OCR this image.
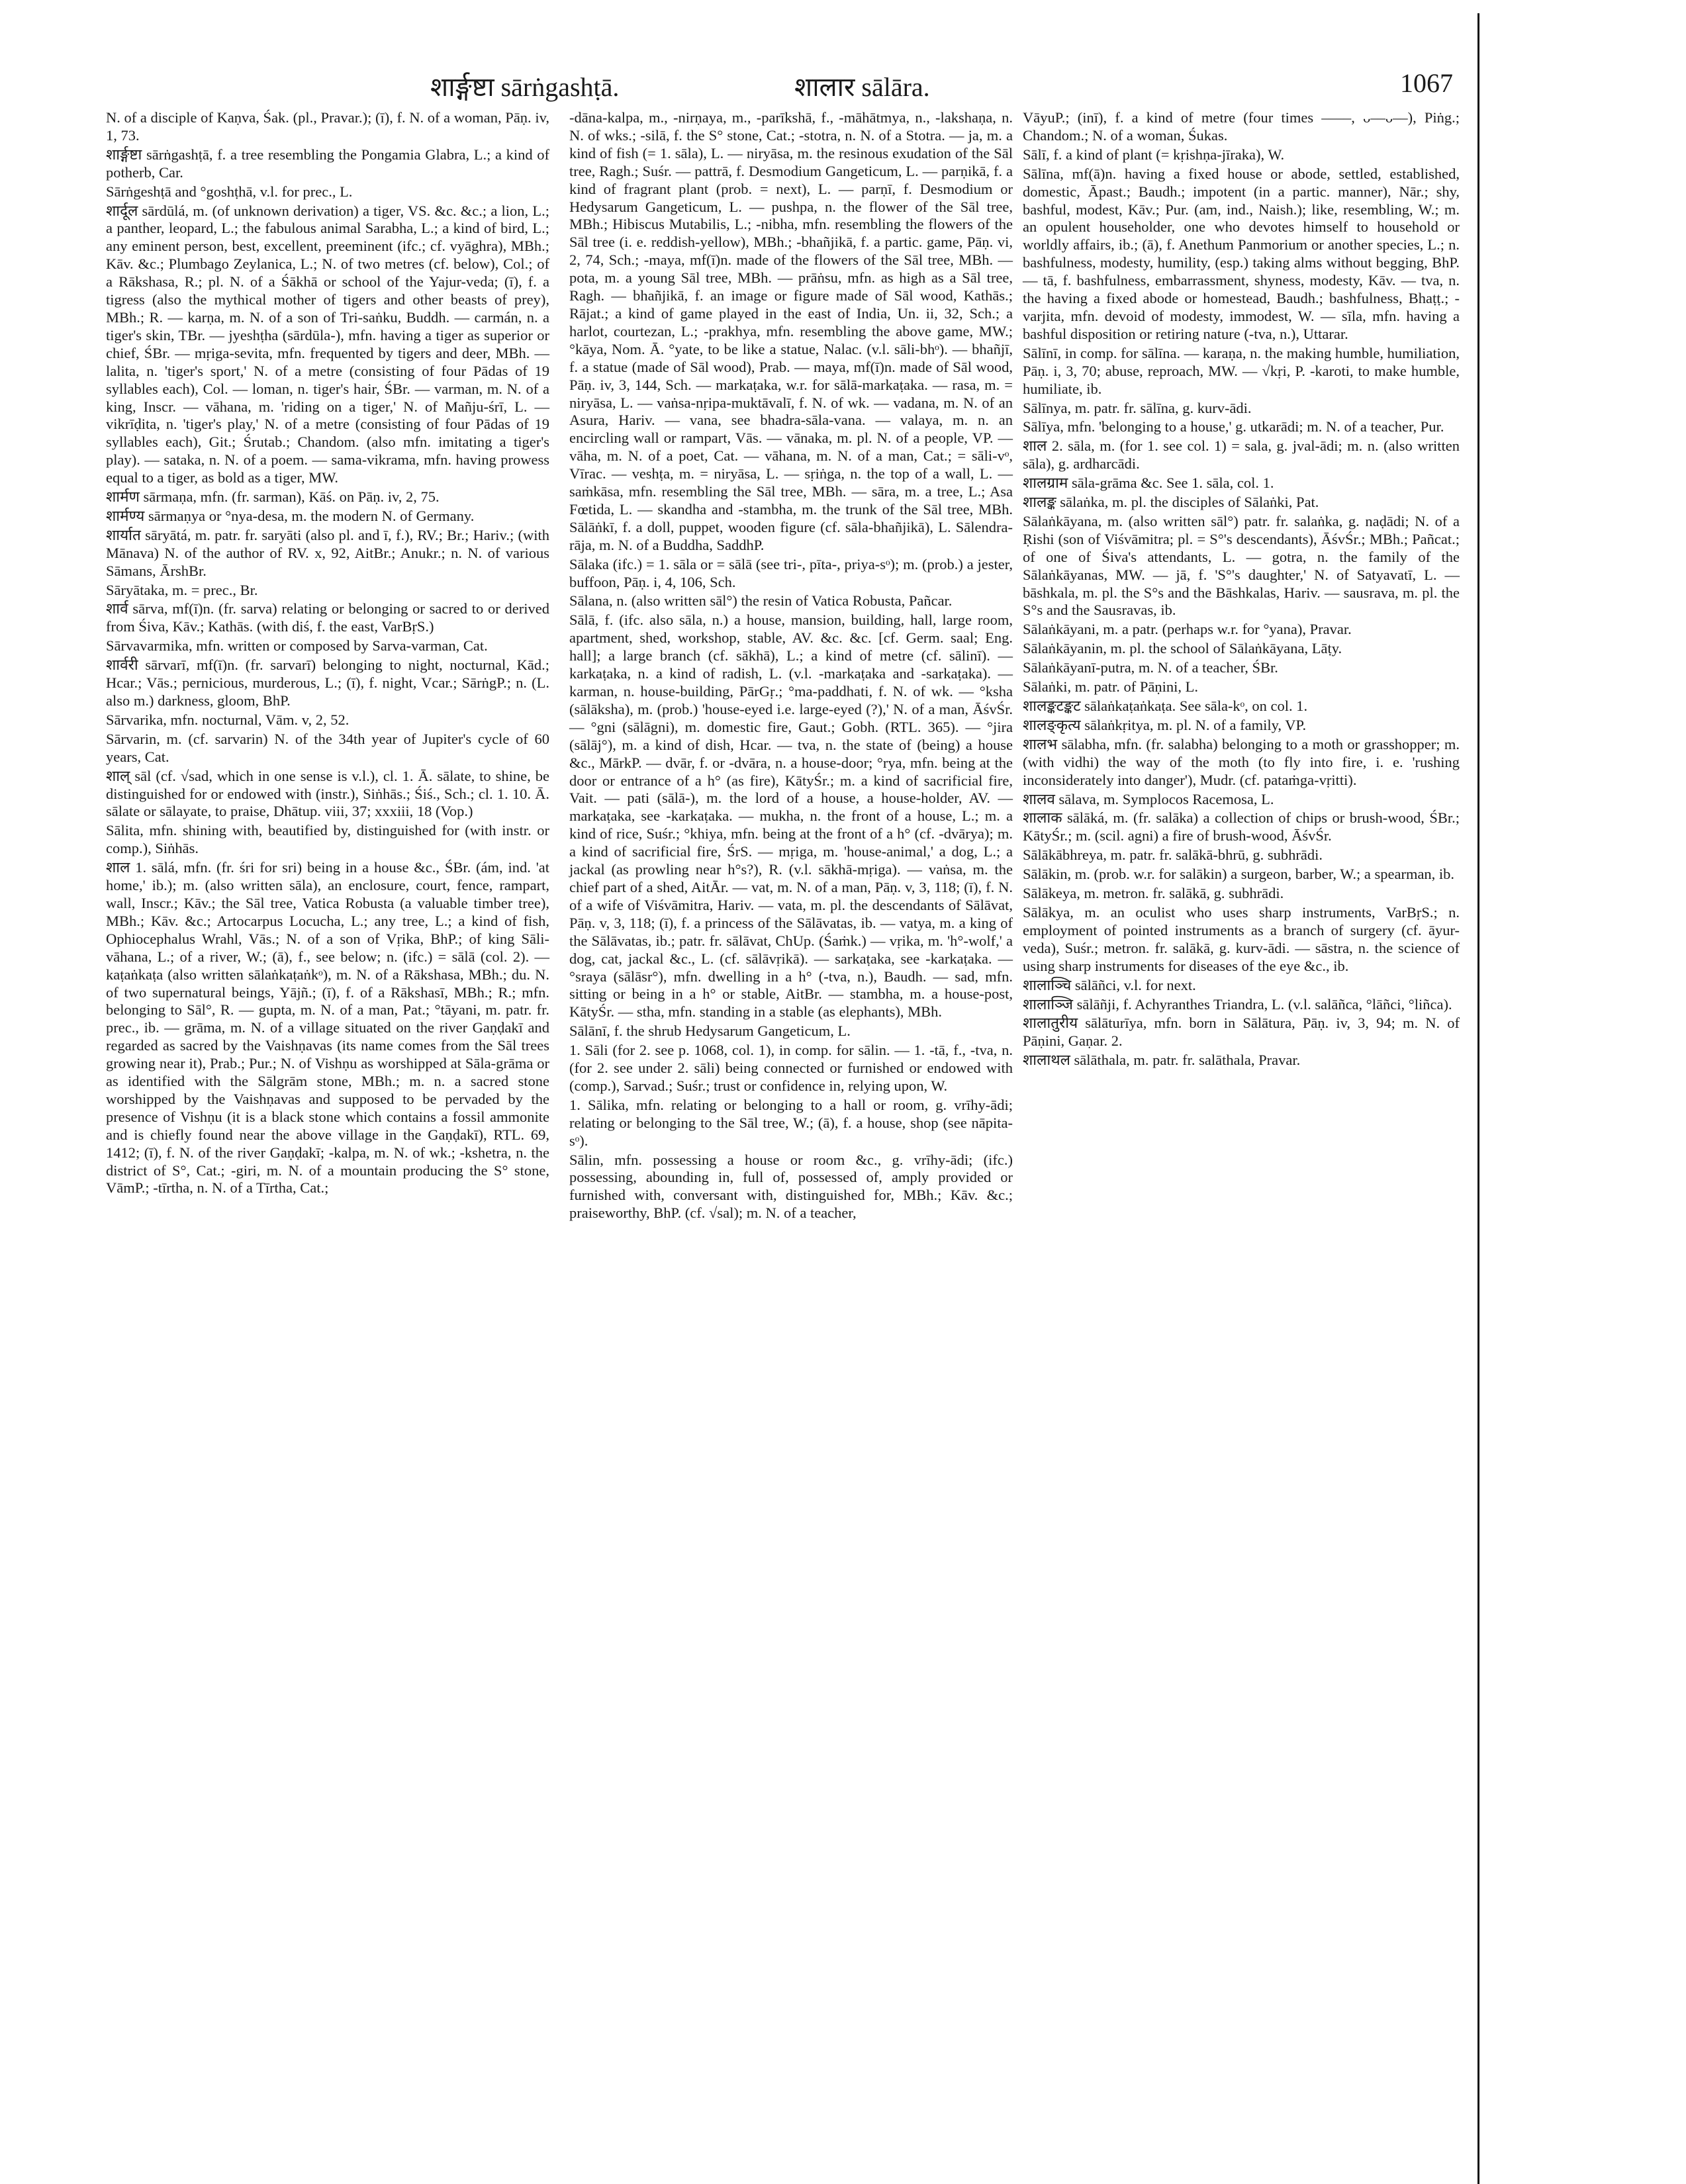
शार्ङ्गष्टा sārṅgashṭā.	शालार sālāra.	1067

N. of a disciple of Kaṇva, Śak. (pl., Pravar.); (ī), f. N. of a woman, Pāṇ. iv, 1, 73.

शार्ङ्गष्टा sārṅgashṭā, f. a tree resembling the Pongamia Glabra, L.; a kind of potherb, Car.

Sārṅgeshṭā and °goshṭhā, v.l. for prec., L.

शार्दूल sārdūlá, m. (of unknown derivation) a tiger, VS. &c. &c.; a lion, L.; a panther, leopard, L.; the fabulous animal Sarabha, L.; a kind of bird, L.; any eminent person, best, excellent, preeminent (ifc.; cf. vyāghra), MBh.; Kāv. &c.; Plumbago Zeylanica, L.; N. of two metres (cf. below), Col.; of a Rākshasa, R.; pl. N. of a Śākhā or school of the Yajur-veda; (ī), f. a tigress (also the mythical mother of tigers and other beasts of prey), MBh.; R. — karṇa, m. N. of a son of Tri-saṅku, Buddh. — carmán, n. a tiger's skin, TBr. — jyeshṭha (sārdūla-), mfn. having a tiger as superior or chief, ŚBr. — mṛiga-sevita, mfn. frequented by tigers and deer, MBh. — lalita, n. 'tiger's sport,' N. of a metre (consisting of four Pādas of 19 syllables each), Col. — loman, n. tiger's hair, ŚBr. — varman, m. N. of a king, Inscr. — vāhana, m. 'riding on a tiger,' N. of Mañju-śrī, L. — vikrīḍita, n. 'tiger's play,' N. of a metre (consisting of four Pādas of 19 syllables each), Git.; Śrutab.; Chandom. (also mfn. imitating a tiger's play). — sataka, n. N. of a poem. — sama-vikrama, mfn. having prowess equal to a tiger, as bold as a tiger, MW.

शार्मण sārmaṇa, mfn. (fr. sarman), Kāś. on Pāṇ. iv, 2, 75.

शार्मण्य sārmaṇya or °nya-desa, m. the modern N. of Germany.

शार्यात sāryātá, m. patr. fr. saryāti (also pl. and ī, f.), RV.; Br.; Hariv.; (with Mānava) N. of the author of RV. x, 92, AitBr.; Anukr.; n. N. of various Sāmans, ĀrshBr.

Sāryātaka, m. = prec., Br.

शार्व sārva, mf(ī)n. (fr. sarva) relating or belonging or sacred to or derived from Śiva, Kāv.; Kathās. (with diś, f. the east, VarBṛS.)

Sārvavarmika, mfn. written or composed by Sarva-varman, Cat.

शार्वरी sārvarī, mf(ī)n. (fr. sarvarī) belonging to night, nocturnal, Kād.; Hcar.; Vās.; pernicious, murderous, L.; (ī), f. night, Vcar.; SārṅgP.; n. (L. also m.) darkness, gloom, BhP.

Sārvarika, mfn. nocturnal, Vām. v, 2, 52.

Sārvarin, m. (cf. sarvarin) N. of the 34th year of Jupiter's cycle of 60 years, Cat.

शाल् sāl (cf. √sad, which in one sense is v.l.), cl. 1. Ā. sālate, to shine, be distinguished for or endowed with (instr.), Siṅhās.; Śiś., Sch.; cl. 1. 10. Ā. sālate or sālayate, to praise, Dhātup. viii, 37; xxxiii, 18 (Vop.)

Sālita, mfn. shining with, beautified by, distinguished for (with instr. or comp.), Siṅhās.

शाल 1. sālá, mfn. (fr. śri for sri) being in a house &c., ŚBr. (ám, ind. 'at home,' ib.); m. (also written sāla), an enclosure, court, fence, rampart, wall, Inscr.; Kāv.; the Sāl tree, Vatica Robusta (a valuable timber tree), MBh.; Kāv. &c.; Artocarpus Locucha, L.; any tree, L.; a kind of fish, Ophiocephalus Wrahl, Vās.; N. of a son of Vṛika, BhP.; of king Sāli-vāhana, L.; of a river, W.; (ā), f., see below; n. (ifc.) = sālā (col. 2). — kaṭaṅkaṭa (also written sālaṅkaṭaṅkᵒ), m. N. of a Rākshasa, MBh.; du. N. of two supernatural beings, Yājñ.; (ī), f. of a Rākshasī, MBh.; R.; mfn. belonging to Sāl°, R. — gupta, m. N. of a man, Pat.; °tāyani, m. patr. fr. prec., ib. — grāma, m. N. of a village situated on the river Gaṇḍakī and regarded as sacred by the Vaishṇavas (its name comes from the Sāl trees growing near it), Prab.; Pur.; N. of Vishṇu as worshipped at Sāla-grāma or as identified with the Sālgrām stone, MBh.; m. n. a sacred stone worshipped by the Vaishṇavas and supposed to be pervaded by the presence of Vishṇu (it is a black stone which contains a fossil ammonite and is chiefly found near the above village in the Gaṇḍakī), RTL. 69, 1412; (ī), f. N. of the river Gaṇḍakī; -kalpa, m. N. of wk.; -kshetra, n. the district of S°, Cat.; -giri, m. N. of a mountain producing the S° stone, VāmP.; -tīrtha, n. N. of a Tīrtha, Cat.;

-dāna-kalpa, m., -nirṇaya, m., -parīkshā, f., -māhātmya, n., -lakshaṇa, n. N. of wks.; -silā, f. the S° stone, Cat.; -stotra, n. N. of a Stotra. — ja, m. a kind of fish (= 1. sāla), L. — niryāsa, m. the resinous exudation of the Sāl tree, Ragh.; Suśr. — pattrā, f. Desmodium Gangeticum, L. — parṇikā, f. a kind of fragrant plant (prob. = next), L. — parṇī, f. Desmodium or Hedysarum Gangeticum, L. — pushpa, n. the flower of the Sāl tree, MBh.; Hibiscus Mutabilis, L.; -nibha, mfn. resembling the flowers of the Sāl tree (i. e. reddish-yellow), MBh.; -bhañjikā, f. a partic. game, Pāṇ. vi, 2, 74, Sch.; -maya, mf(ī)n. made of the flowers of the Sāl tree, MBh. — pota, m. a young Sāl tree, MBh. — prāṅsu, mfn. as high as a Sāl tree, Ragh. — bhañjikā, f. an image or figure made of Sāl wood, Kathās.; Rājat.; a kind of game played in the east of India, Un. ii, 32, Sch.; a harlot, courtezan, L.; -prakhya, mfn. resembling the above game, MW.; °kāya, Nom. Ā. °yate, to be like a statue, Nalac. (v.l. sāli-bhᵒ). — bhañjī, f. a statue (made of Sāl wood), Prab. — maya, mf(ī)n. made of Sāl wood, Pāṇ. iv, 3, 144, Sch. — markaṭaka, w.r. for sālā-markaṭaka. — rasa, m. = niryāsa, L. — vaṅsa-nṛipa-muktāvalī, f. N. of wk. — vadana, m. N. of an Asura, Hariv. — vana, see bhadra-sāla-vana. — valaya, m. n. an encircling wall or rampart, Vās. — vānaka, m. pl. N. of a people, VP. — vāha, m. N. of a poet, Cat. — vāhana, m. N. of a man, Cat.; = sāli-vᵒ, Vīrac. — veshṭa, m. = niryāsa, L. — sṛiṅga, n. the top of a wall, L. — saṁkāsa, mfn. resembling the Sāl tree, MBh. — sāra, m. a tree, L.; Asa Fœtida, L. — skandha and -stambha, m. the trunk of the Sāl tree, MBh. Sālāṅkī, f. a doll, puppet, wooden figure (cf. sāla-bhañjikā), L. Sālendra-rāja, m. N. of a Buddha, SaddhP.

Sālaka (ifc.) = 1. sāla or = sālā (see tri-, pīta-, priya-sᵒ); m. (prob.) a jester, buffoon, Pāṇ. i, 4, 106, Sch.

Sālana, n. (also written sāl°) the resin of Vatica Robusta, Pañcar.

Sālā, f. (ifc. also sāla, n.) a house, mansion, building, hall, large room, apartment, shed, workshop, stable, AV. &c. &c. [cf. Germ. saal; Eng. hall]; a large branch (cf. sākhā), L.; a kind of metre (cf. sālinī). — karkaṭaka, n. a kind of radish, L. (v.l. -markaṭaka and -sarkaṭaka). — karman, n. house-building, PārGṛ.; °ma-paddhati, f. N. of wk. — °ksha (sālāksha), m. (prob.) 'house-eyed i.e. large-eyed (?),' N. of a man, ĀśvŚr. — °gni (sālāgni), m. domestic fire, Gaut.; Gobh. (RTL. 365). — °jira (sālāj°), m. a kind of dish, Hcar. — tva, n. the state of (being) a house &c., MārkP. — dvār, f. or -dvāra, n. a house-door; °rya, mfn. being at the door or entrance of a h° (as fire), KātyŚr.; m. a kind of sacrificial fire, Vait. — pati (sālā-), m. the lord of a house, a house-holder, AV. — markaṭaka, see -karkaṭaka. — mukha, n. the front of a house, L.; m. a kind of rice, Suśr.; °khiya, mfn. being at the front of a h° (cf. -dvārya); m. a kind of sacrificial fire, ŚrS. — mṛiga, m. 'house-animal,' a dog, L.; a jackal (as prowling near h°s?), R. (v.l. sākhā-mṛiga). — vaṅsa, m. the chief part of a shed, AitĀr. — vat, m. N. of a man, Pāṇ. v, 3, 118; (ī), f. N. of a wife of Viśvāmitra, Hariv. — vata, m. pl. the descendants of Sālāvat, Pāṇ. v, 3, 118; (ī), f. a princess of the Sālāvatas, ib. — vatya, m. a king of the Sālāvatas, ib.; patr. fr. sālāvat, ChUp. (Śaṁk.) — vṛika, m. 'h°-wolf,' a dog, cat, jackal &c., L. (cf. sālāvṛikā). — sarkaṭaka, see -karkaṭaka. — °sraya (sālāsr°), mfn. dwelling in a h° (-tva, n.), Baudh. — sad, mfn. sitting or being in a h° or stable, AitBr. — stambha, m. a house-post, KātyŚr. — stha, mfn. standing in a stable (as elephants), MBh.

Sālānī, f. the shrub Hedysarum Gangeticum, L.

1. Sāli (for 2. see p. 1068, col. 1), in comp. for sālin. — 1. -tā, f., -tva, n. (for 2. see under 2. sāli) being connected or furnished or endowed with (comp.), Sarvad.; Suśr.; trust or confidence in, relying upon, W.

1. Sālika, mfn. relating or belonging to a hall or room, g. vrīhy-ādi; relating or belonging to the Sāl tree, W.; (ā), f. a house, shop (see nāpita-sᵒ).

Sālin, mfn. possessing a house or room &c., g. vrīhy-ādi; (ifc.) possessing, abounding in, full of, possessed of, amply provided or furnished with, conversant with, distinguished for, MBh.; Kāv. &c.; praiseworthy, BhP. (cf. √sal); m. N. of a teacher,

VāyuP.; (inī), f. a kind of metre (four times ––––, ᴗ––ᴗ––), Piṅg.; Chandom.; N. of a woman, Śukas.

Sālī, f. a kind of plant (= kṛishṇa-jīraka), W.

Sālīna, mf(ā)n. having a fixed house or abode, settled, established, domestic, Āpast.; Baudh.; impotent (in a partic. manner), Nār.; shy, bashful, modest, Kāv.; Pur. (am, ind., Naish.); like, resembling, W.; m. an opulent householder, one who devotes himself to household or worldly affairs, ib.; (ā), f. Anethum Panmorium or another species, L.; n. bashfulness, modesty, humility, (esp.) taking alms without begging, BhP. — tā, f. bashfulness, embarrassment, shyness, modesty, Kāv. — tva, n. the having a fixed abode or homestead, Baudh.; bashfulness, Bhaṭṭ.; -varjita, mfn. devoid of modesty, immodest, W. — sīla, mfn. having a bashful disposition or retiring nature (-tva, n.), Uttarar.

Sālīnī, in comp. for sālīna. — karaṇa, n. the making humble, humiliation, Pāṇ. i, 3, 70; abuse, reproach, MW. — √kṛi, P. -karoti, to make humble, humiliate, ib.

Sālīnya, m. patr. fr. sālīna, g. kurv-ādi.

Sālīya, mfn. 'belonging to a house,' g. utkarādi; m. N. of a teacher, Pur.

शाल 2. sāla, m. (for 1. see col. 1) = sala, g. jval-ādi; m. n. (also written sāla), g. ardharcādi.

शालग्राम sāla-grāma &c. See 1. sāla, col. 1.

शालङ्क sālaṅka, m. pl. the disciples of Sālaṅki, Pat.

Sālaṅkāyana, m. (also written sāl°) patr. fr. salaṅka, g. naḍādi; N. of a Ṛishi (son of Viśvāmitra; pl. = S°'s descendants), ĀśvŚr.; MBh.; Pañcat.; of one of Śiva's attendants, L. — gotra, n. the family of the Sālaṅkāyanas, MW. — jā, f. 'S°'s daughter,' N. of Satyavatī, L. — bāshkala, m. pl. the S°s and the Bāshkalas, Hariv. — sausrava, m. pl. the S°s and the Sausravas, ib.

Sālaṅkāyani, m. a patr. (perhaps w.r. for °yana), Pravar.

Sālaṅkāyanin, m. pl. the school of Sālaṅkāyana, Lāṭy.

Sālaṅkāyanī-putra, m. N. of a teacher, ŚBr.

Sālaṅki, m. patr. of Pāṇini, L.

शालङ्कटङ्कट sālaṅkaṭaṅkaṭa. See sāla-kᵒ, on col. 1.

शालङ्कृत्य sālaṅkṛitya, m. pl. N. of a family, VP.

शालभ sālabha, mfn. (fr. salabha) belonging to a moth or grasshopper; m. (with vidhi) the way of the moth (to fly into fire, i. e. 'rushing inconsiderately into danger'), Mudr. (cf. pataṁga-vṛitti).

शालव sālava, m. Symplocos Racemosa, L.

शालाक sālāká, m. (fr. salāka) a collection of chips or brush-wood, ŚBr.; KātyŚr.; m. (scil. agni) a fire of brush-wood, ĀśvŚr.

Sālākābhreya, m. patr. fr. salākā-bhrū, g. subhrādi.

Sālākin, m. (prob. w.r. for salākin) a surgeon, barber, W.; a spearman, ib.

Sālākeya, m. metron. fr. salākā, g. subhrādi.

Sālākya, m. an oculist who uses sharp instruments, VarBṛS.; n. employment of pointed instruments as a branch of surgery (cf. āyur-veda), Suśr.; metron. fr. salākā, g. kurv-ādi. — sāstra, n. the science of using sharp instruments for diseases of the eye &c., ib.

शालाञ्चि sālāñci, v.l. for next.

शालाञ्जि sālāñji, f. Achyranthes Triandra, L. (v.l. salāñca, °lāñci, °liñca).

शालातुरीय sālāturīya, mfn. born in Sālātura, Pāṇ. iv, 3, 94; m. N. of Pāṇini, Gaṇar. 2.

शालाथल sālāthala, m. patr. fr. salāthala, Pravar.
